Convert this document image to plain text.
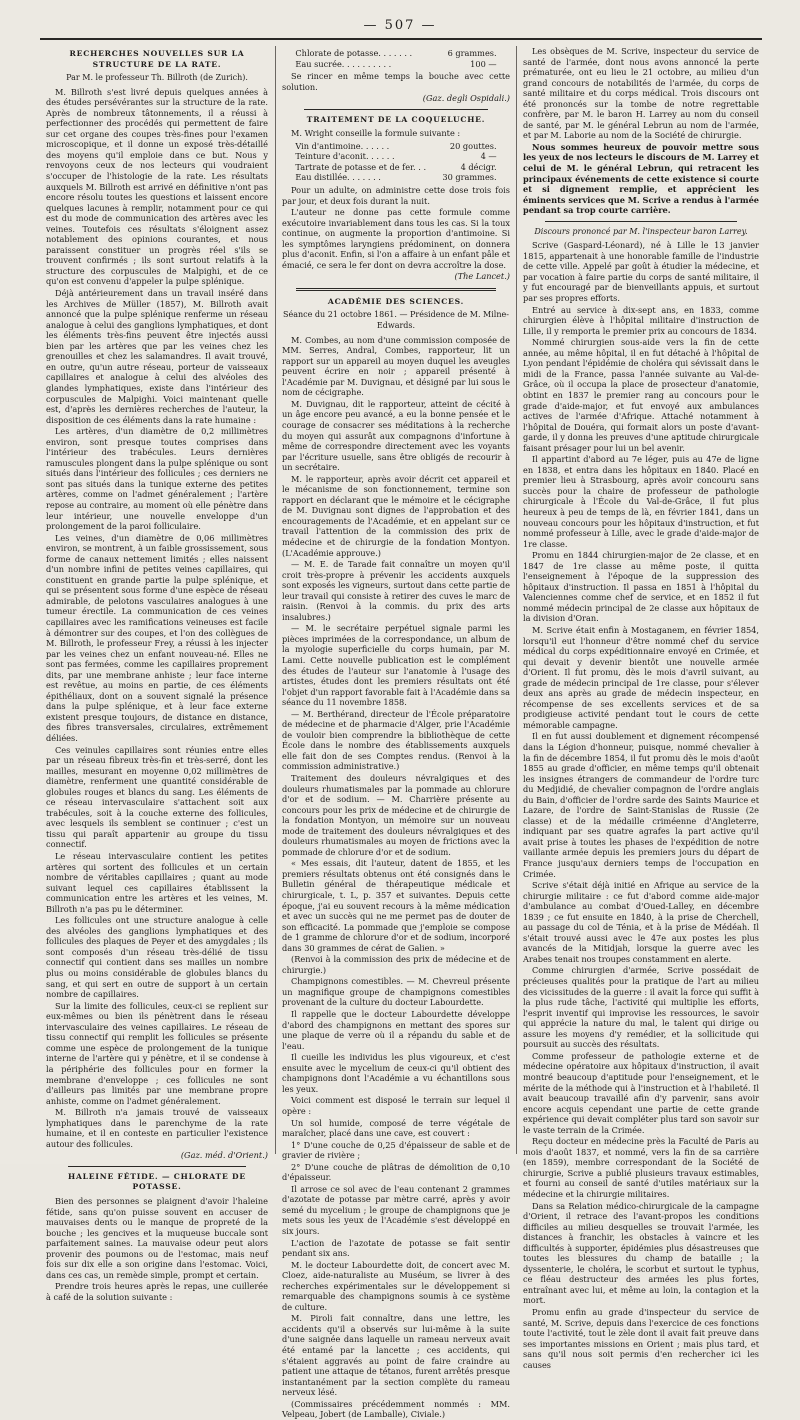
— 507 —
RECHERCHES NOUVELLES SUR LA STRUCTURE DE LA RATE.

Par M. le professeur Th. Billroth (de Zurich).

M. Billroth s'est livré depuis quelques années à des études persévérantes sur la structure de la rate. Après de nombreux tâtonnements, il a réussi à perfectionner des procédés qui permettent de faire sur cet organe des coupes très-fines pour l'examen microscopique, et il donne un exposé très-détaillé des moyens qu'il emploie dans ce but. Nous y renvoyons ceux de nos lecteurs qui voudraient s'occuper de l'histologie de la rate. Les résultats auxquels M. Billroth est arrivé en définitive n'ont pas encore résolu toutes les questions et laissent encore quelques lacunes à remplir, notamment pour ce qui est du mode de communication des artères avec les veines. Toutefois ces résultats s'éloignent assez notablement des opinions courantes, et nous paraissent constituer un progrès réel s'ils se trouvent confirmés ; ils sont surtout relatifs à la structure des corpuscules de Malpighi, et de ce qu'on est convenu d'appeler la pulpe splénique.

Déjà antérieurement dans un travail inséré dans les Archives de Müller (1857), M. Billroth avait annoncé que la pulpe splénique renferme un réseau analogue à celui des ganglions lymphatiques, et dont les éléments très-fins peuvent être injectés aussi bien par les artères que par les veines chez les grenouilles et chez les salamandres. Il avait trouvé, en outre, qu'un autre réseau, porteur de vaisseaux capillaires et analogue à celui des alvéoles des glandes lymphatiques, existe dans l'intérieur des corpuscules de Malpighi. Voici maintenant quelle est, d'après les dernières recherches de l'auteur, la disposition de ces éléments dans la rate humaine :

Les artères, d'un diamètre de 0,2 millimètres environ, sont presque toutes comprises dans l'intérieur des trabécules. Leurs dernières ramuscules plongent dans la pulpe splénique ou sont situés dans l'intérieur des follicules ; ces derniers ne sont pas situés dans la tunique externe des petites artères, comme on l'admet généralement ; l'artère repose au contraire, au moment où elle pénètre dans leur intérieur, une nouvelle enveloppe d'un prolongement de la paroi folliculaire.

Les veines, d'un diamètre de 0,06 millimètres environ, se montrent, à un faible grossissement, sous forme de canaux nettement limités ; elles naissent d'un nombre infini de petites veines capillaires, qui constituent en grande partie la pulpe splénique, et qui se présentent sous forme d'une espèce de réseau admirable, de pelotons vasculaires analogues à une tumeur érectile. La communication de ces veines capillaires avec les ramifications veineuses est facile à démontrer sur des coupes, et l'on des collègues de M. Billroth, le professeur Frey, a réussi à les injecter par les veines chez un enfant nouveau-né. Elles ne sont pas fermées, comme les capillaires proprement dits, par une membrane anhiste ; leur face interne est revêtue, au moins en partie, de ces éléments épithéliaux, dont on a souvent signalé la présence dans la pulpe splénique, et à leur face externe existent presque toujours, de distance en distance, des fibres transversales, circulaires, extrêmement déliées.

Ces veinules capillaires sont réunies entre elles par un réseau fibreux très-fin et très-serré, dont les mailles, mesurant en moyenne 0,02 millimètres de diamètre, renferment une quantité considérable de globules rouges et blancs du sang. Les éléments de ce réseau intervasculaire s'attachent soit aux trabécules, soit à la couche externe des follicules, avec lesquels ils semblent se continuer ; c'est un tissu qui paraît appartenir au groupe du tissu connectif.

Le réseau intervasculaire contient les petites artères qui sortent des follicules et un certain nombre de véritables capillaires ; quant au mode suivant lequel ces capillaires établissent la communication entre les artères et les veines, M. Billroth n'a pas pu le déterminer.

Les follicules ont une structure analogue à celle des alvéoles des ganglions lymphatiques et des follicules des plaques de Peyer et des amygdales ; ils sont composés d'un réseau très-délié de tissu connectif qui contient dans ses mailles un nombre plus ou moins considérable de globules blancs du sang, et qui sert en outre de support à un certain nombre de capillaires.

Sur la limite des follicules, ceux-ci se replient sur eux-mêmes ou bien ils pénètrent dans le réseau intervasculaire des veines capillaires. Le réseau de tissu connectif qui remplit les follicules se présente comme une espèce de prolongement de la tunique interne de l'artère qui y pénètre, et il se condense à la périphérie des follicules pour en former la membrane d'enveloppe ; ces follicules ne sont d'ailleurs pas limités par une membrane propre anhiste, comme on l'admet généralement.

M. Billroth n'a jamais trouvé de vaisseaux lymphatiques dans le parenchyme de la rate humaine, et il en conteste en particulier l'existence autour des follicules.

(Gaz. méd. d'Orient.)

HALEINE FÉTIDE. — CHLORATE DE POTASSE.

Bien des personnes se plaignent d'avoir l'haleine fétide, sans qu'on puisse souvent en accuser de mauvaises dents ou le manque de propreté de la bouche ; les gencives et la muqueuse buccale sont parfaitement saines. La mauvaise odeur peut alors provenir des poumons ou de l'estomac, mais neuf fois sur dix elle a son origine dans l'estomac. Voici, dans ces cas, un remède simple, prompt et certain.

Prendre trois heures après le repas, une cuillerée à café de la solution suivante :

Chlorate de potasse. . . . . . .	6 grammes.
Eau sucrée. . . . . . . . . .	100 —

Se rincer en même temps la bouche avec cette solution.

(Gaz. degli Ospidali.)

TRAITEMENT DE LA COQUELUCHE.

M. Wright conseille la formule suivante :

Vin d'antimoine. . . . . .	20 gouttes.
Teinture d'aconit. . . . . .	4 —
Tartrate de potasse et de fer. . .	4 décigr.
Eau distillée. . . . . . .	30 grammes.

Pour un adulte, on administre cette dose trois fois par jour, et deux fois durant la nuit.

L'auteur ne donne pas cette formule comme exécutoire invariablement dans tous les cas. Si la toux continue, on augmente la proportion d'antimoine. Si les symptômes laryngiens prédominent, on donnera plus d'aconit. Enfin, si l'on a affaire à un enfant pâle et émacié, ce sera le fer dont on devra accroître la dose.

(The Lancet.)

ACADÉMIE DES SCIENCES.

Séance du 21 octobre 1861. — Présidence de M. Milne-Edwards.

M. Combes, au nom d'une commission composée de MM. Serres, Andral, Combes, rapporteur, lit un rapport sur un appareil au moyen duquel les aveugles peuvent écrire en noir ; appareil présenté à l'Académie par M. Duvignau, et désigné par lui sous le nom de cécigraphe.

M. Duvignau, dit le rapporteur, atteint de cécité à un âge encore peu avancé, a eu la bonne pensée et le courage de consacrer ses méditations à la recherche du moyen qui assurât aux compagnons d'infortune à même de correspondre directement avec les voyants par l'écriture usuelle, sans être obligés de recourir à un secrétaire.

M. le rapporteur, après avoir décrit cet appareil et le mécanisme de son fonctionnement, termine son rapport en déclarant que le mémoire et le cécigraphe de M. Duvignau sont dignes de l'approbation et des encouragements de l'Académie, et en appelant sur ce travail l'attention de la commission des prix de médecine et de chirurgie de la fondation Montyon. (L'Académie approuve.)

— M. E. de Tarade fait connaître un moyen qu'il croit très-propre à prévenir les accidents auxquels sont exposés les vigneurs, surtout dans cette partie de leur travail qui consiste à retirer des cuves le marc de raisin. (Renvoi à la commis. du prix des arts insalubres.)

— M. le secrétaire perpétuel signale parmi les pièces imprimées de la correspondance, un album de la myologie superficielle du corps humain, par M. Lami. Cette nouvelle publication est le complément des études de l'auteur sur l'anatomie à l'usage des artistes, études dont les premiers résultats ont été l'objet d'un rapport favorable fait à l'Académie dans sa séance du 11 novembre 1858.

— M. Berthérand, directeur de l'École préparatoire de médecine et de pharmacie d'Alger, prie l'Académie de vouloir bien comprendre la bibliothèque de cette École dans le nombre des établissements auxquels elle fait don de ses Comptes rendus. (Renvoi à la commission administrative.)

Traitement des douleurs névralgiques et des douleurs rhumatismales par la pommade au chlorure d'or et de sodium. — M. Charrière présente au concours pour les prix de médecine et de chirurgie de la fondation Montyon, un mémoire sur un nouveau mode de traitement des douleurs névralgiques et des douleurs rhumatismales au moyen de frictions avec la pommade de chlorure d'or et de sodium.

« Mes essais, dit l'auteur, datent de 1855, et les premiers résultats obtenus ont été consignés dans le Bulletin général de thérapeutique médicale et chirurgicale, t. L, p. 357 et suivantes. Depuis cette époque, j'ai eu souvent recours à la même médication et avec un succès qui ne me permet pas de douter de son efficacité. La pommade que j'emploie se compose de 1 gramme de chlorure d'or et de sodium, incorporé dans 30 grammes de cérat de Galien. »

(Renvoi à la commission des prix de médecine et de chirurgie.)

Champignons comestibles. — M. Chevreul présente un magnifique groupe de champignons comestibles provenant de la culture du docteur Labourdette.

Il rappelle que le docteur Labourdette développe d'abord des champignons en mettant des spores sur une plaque de verre où il a répandu du sable et de l'eau.

Il cueille les individus les plus vigoureux, et c'est ensuite avec le mycelium de ceux-ci qu'il obtient des champignons dont l'Académie a vu échantillons sous les yeux.

Voici comment est disposé le terrain sur lequel il opère :

Un sol humide, composé de terre végétale de maraîcher, placé dans une cave, est couvert :

1° D'une couche de 0,25 d'épaisseur de sable et de gravier de rivière ;

2° D'une couche de plâtras de démolition de 0,10 d'épaisseur.

Il arrose ce sol avec de l'eau contenant 2 grammes d'azotate de potasse par mètre carré, après y avoir semé du mycelium ; le groupe de champignons que je mets sous les yeux de l'Académie s'est développé en six jours.

L'action de l'azotate de potasse se fait sentir pendant six ans.

M. le docteur Labourdette doit, de concert avec M. Cloez, aide-naturaliste au Muséum, se livrer à des recherches expérimentales sur le développement si remarquable des champignons soumis à ce système de culture.

M. Piroli fait connaître, dans une lettre, les accidents qu'il a observés sur lui-même à la suite d'une saignée dans laquelle un rameau nerveux avait été entamé par la lancette ; ces accidents, qui s'étaient aggravés au point de faire craindre au patient une attaque de tétanos, furent arrêtés presque instantanément par la section complète du rameau nerveux lésé.

(Commissaires précédemment nommés : MM. Velpeau, Jobert (de Lamballe), Civiale.)

Les obsèques de M. Scrive, inspecteur du service de santé de l'armée, dont nous avons annoncé la perte prématurée, ont eu lieu le 21 octobre, au milieu d'un grand concours de notabilités de l'armée, du corps de santé militaire et du corps médical. Trois discours ont été prononcés sur la tombe de notre regrettable confrère, par M. le baron H. Larrey au nom du conseil de santé, par M. le général Lebrun au nom de l'armée, et par M. Laborie au nom de la Société de chirurgie.

Nous sommes heureux de pouvoir mettre sous les yeux de nos lecteurs le discours de M. Larrey et celui de M. le général Lebrun, qui retracent les principaux événements de cette existence si courte et si dignement remplie, et apprécient les éminents services que M. Scrive a rendus à l'armée pendant sa trop courte carrière.

Discours prononcé par M. l'inspecteur baron Larrey.

Scrive (Gaspard-Léonard), né à Lille le 13 janvier 1815, appartenait à une honorable famille de l'industrie de cette ville. Appelé par goût à étudier la médecine, et par vocation à faire partie du corps de santé militaire, il y fut encouragé par de bienveillants appuis, et surtout par ses propres efforts.

Entré au service à dix-sept ans, en 1833, comme chirurgien élève à l'hôpital militaire d'instruction de Lille, il y remporta le premier prix au concours de 1834.

Nommé chirurgien sous-aide vers la fin de cette année, au même hôpital, il en fut détaché à l'hôpital de Lyon pendant l'épidémie de choléra qui sévissait dans le midi de la France, passa l'année suivante au Val-de-Grâce, où il occupa la place de prosecteur d'anatomie, obtint en 1837 le premier rang au concours pour le grade d'aide-major, et fut envoyé aux ambulances actives de l'armée d'Afrique. Attaché notamment à l'hôpital de Douéra, qui formait alors un poste d'avant-garde, il y donna les preuves d'une aptitude chirurgicale faisant présager pour lui un bel avenir.

Il appartint d'abord au 7e léger, puis au 47e de ligne en 1838, et entra dans les hôpitaux en 1840. Placé en premier lieu à Strasbourg, après avoir concouru sans succès pour la chaire de professeur de pathologie chirurgicale à l'École du Val-de-Grâce, il fut plus heureux à peu de temps de là, en février 1841, dans un nouveau concours pour les hôpitaux d'instruction, et fut nommé professeur à Lille, avec le grade d'aide-major de 1re classe.

Promu en 1844 chirurgien-major de 2e classe, et en 1847 de 1re classe au même poste, il quitta l'enseignement à l'époque de la suppression des hôpitaux d'instruction. Il passa en 1851 à l'hôpital du Valenciennes comme chef de service, et en 1852 il fut nommé médecin principal de 2e classe aux hôpitaux de la division d'Oran.

M. Scrive était enfin à Mostaganem, en février 1854, lorsqu'il eut l'honneur d'être nommé chef du service médical du corps expéditionnaire envoyé en Crimée, et qui devait y devenir bientôt une nouvelle armée d'Orient. Il fut promu, dès le mois d'avril suivant, au grade de médecin principal de 1re classe, pour s'élever deux ans après au grade de médecin inspecteur, en récompense de ses excellents services et de sa prodigieuse activité pendant tout le cours de cette mémorable campagne.

Il en fut aussi doublement et dignement récompensé dans la Légion d'honneur, puisque, nommé chevalier à la fin de décembre 1854, il fut promu dès le mois d'août 1855 au grade d'officier, en même temps qu'il obtenait les insignes étrangers de commandeur de l'ordre turc du Medjidié, de chevalier compagnon de l'ordre anglais du Bain, d'officier de l'ordre sarde des Saints Maurice et Lazare, de l'ordre de Saint-Stanislas de Russie (2e classe) et de la médaille criméenne d'Angleterre, indiquant par ses quatre agrafes la part active qu'il avait prise à toutes les phases de l'expédition de notre vaillante armée depuis les premiers jours du départ de France jusqu'aux derniers temps de l'occupation en Crimée.

Scrive s'était déjà initié en Afrique au service de la chirurgie militaire : ce fut d'abord comme aide-major d'ambulance au combat d'Oued-Lalley, en décembre 1839 ; ce fut ensuite en 1840, à la prise de Cherchell, au passage du col de Ténia, et à la prise de Médéah. Il s'était trouvé aussi avec le 47e aux postes les plus avancés de la Mitidjah, lorsque la guerre avec les Arabes tenait nos troupes constamment en alerte.

Comme chirurgien d'armée, Scrive possédait de précieuses qualités pour la pratique de l'art au milieu des vicissitudes de la guerre : il avait la force qui suffit à la plus rude tâche, l'activité qui multiplie les efforts, l'esprit inventif qui improvise les ressources, le savoir qui apprécie la nature du mal, le talent qui dirige ou assure les moyens d'y remédier, et la sollicitude qui poursuit au succès des résultats.

Comme professeur de pathologie externe et de médecine opératoire aux hôpitaux d'instruction, il avait montré beaucoup d'aptitude pour l'enseignement, et le mérite de la méthode qui à l'instruction et à l'habileté. Il avait beaucoup travaillé afin d'y parvenir, sans avoir encore acquis cependant une partie de cette grande expérience qui devait compléter plus tard son savoir sur le vaste terrain de la Crimée.

Reçu docteur en médecine près la Faculté de Paris au mois d'août 1837, et nommé, vers la fin de sa carrière (en 1859), membre correspondant de la Société de chirurgie, Scrive a publié plusieurs travaux estimables, et fourni au conseil de santé d'utiles matériaux sur la médecine et la chirurgie militaires.

Dans sa Relation médico-chirurgicale de la campagne d'Orient, il retrace des l'avant-propos les conditions difficiles au milieu desquelles se trouvait l'armée, les distances à franchir, les obstacles à vaincre et les difficultés à supporter, épidémies plus désastreuses que toutes les blessures du champ de bataille ; la dyssenterie, le choléra, le scorbut et surtout le typhus, ce fléau destructeur des armées les plus fortes, entraînant avec lui, et même au loin, la contagion et la mort.

Promu enfin au grade d'inspecteur du service de santé, M. Scrive, depuis dans l'exercice de ces fonctions toute l'activité, tout le zèle dont il avait fait preuve dans ses importantes missions en Orient ; mais plus tard, et sans qu'il nous soit permis d'en rechercher ici les causes
